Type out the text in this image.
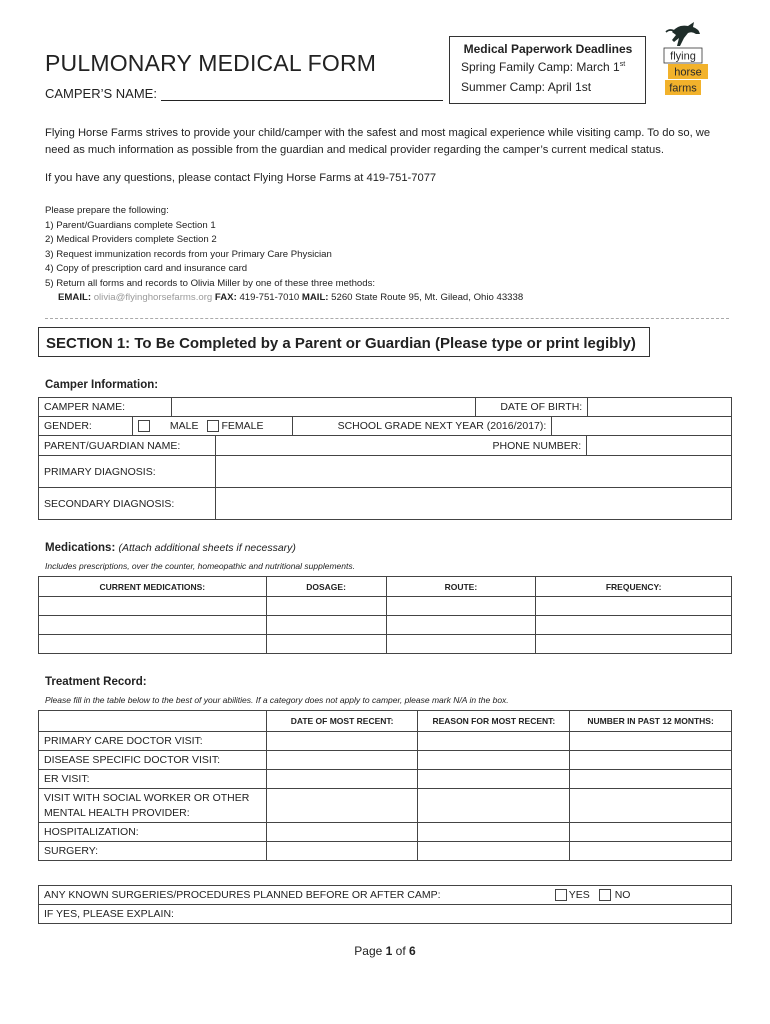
PULMONARY MEDICAL FORM
CAMPER’S NAME:
Medical Paperwork Deadlines
Spring Family Camp: March 1st
Summer Camp: April 1st
flying
horse
farms
Flying Horse Farms strives to provide your child/camper with the safest and most magical experience while visiting camp. To do so, we need as much information as possible from the guardian and medical provider regarding the camper’s current medical status.
If you have any questions, please contact Flying Horse Farms at 419-751-7077
Please prepare the following:
1) Parent/Guardians complete Section 1
2) Medical Providers complete Section 2
3) Request immunization records from your Primary Care Physician
4) Copy of prescription card and insurance card
5) Return all forms and records to Olivia Miller by one of these three methods:
EMAIL: olivia@flyinghorsefarms.org FAX: 419-751-7010 MAIL: 5260 State Route 95, Mt. Gilead, Ohio 43338
SECTION 1: To Be Completed by a Parent or Guardian (Please type or print legibly)
Camper Information:
CAMPER NAME:		DATE OF BIRTH:	
GENDER:	MALE FEMALE	SCHOOL GRADE NEXT YEAR (2016/2017):	
PARENT/GUARDIAN NAME:	PHONE NUMBER:	
PRIMARY DIAGNOSIS:		
SECONDARY DIAGNOSIS:		
Medications: (Attach additional sheets if necessary)
Includes prescriptions, over the counter, homeopathic and nutritional supplements.
CURRENT MEDICATIONS:	DOSAGE:	ROUTE:	FREQUENCY:

Treatment Record:
Please fill in the table below to the best of your abilities. If a category does not apply to camper, please mark N/A in the box.
	DATE OF MOST RECENT:	REASON FOR MOST RECENT:	NUMBER IN PAST 12 MONTHS:
PRIMARY CARE DOCTOR VISIT:			
DISEASE SPECIFIC DOCTOR VISIT:			
ER VISIT:			

VISIT WITH SOCIAL WORKER OR OTHER
MENTAL HEALTH PROVIDER:			

HOSPITALIZATION:			
SURGERY:			
ANY KNOWN SURGERIES/PROCEDURES PLANNED BEFORE OR AFTER CAMP:	YES NO
IF YES, PLEASE EXPLAIN:
Page 1 of 6
